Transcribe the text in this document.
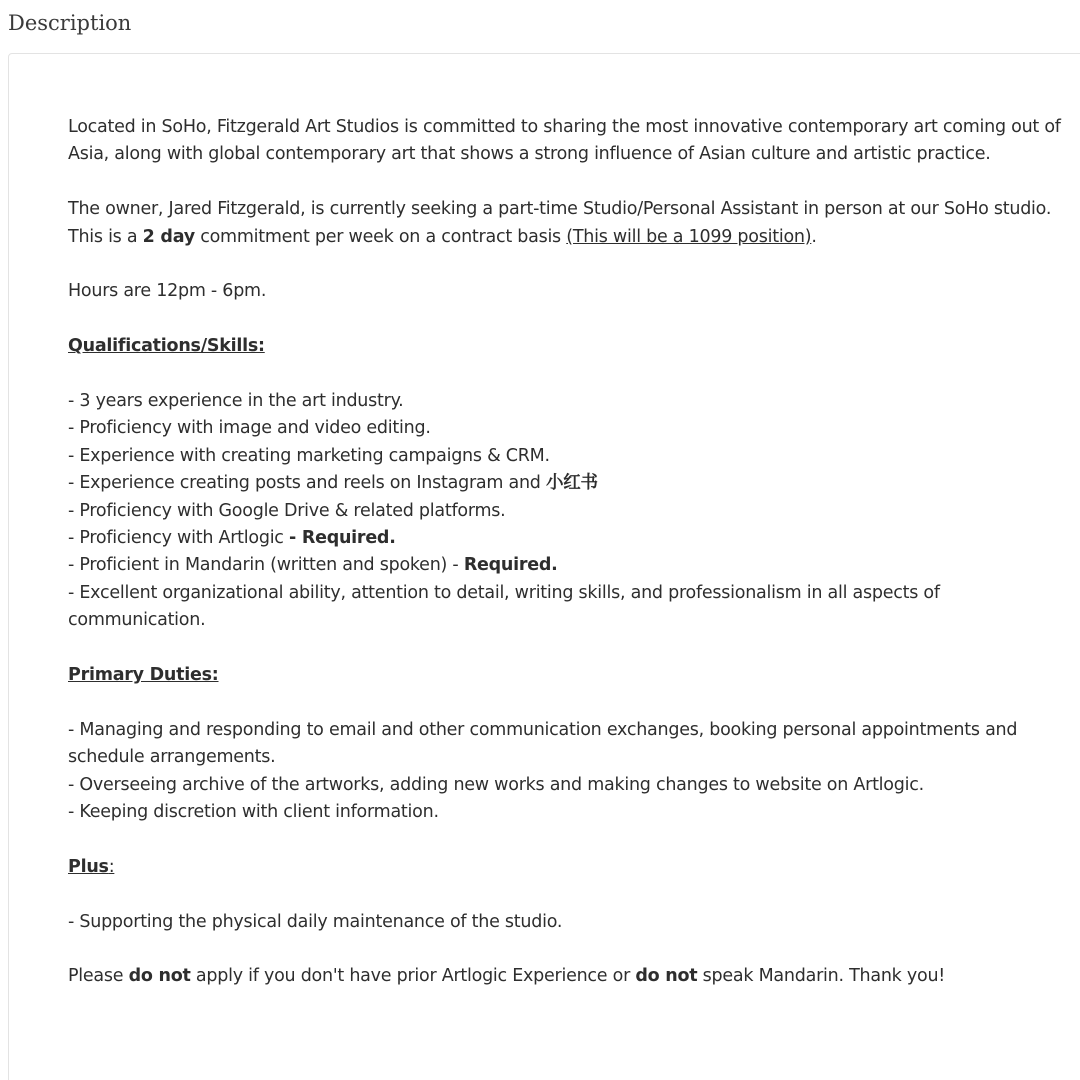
Description

Located in SoHo, Fitzgerald Art Studios is committed to sharing the most innovative contemporary art coming out of Asia, along with global contemporary art that shows a strong influence of Asian culture and artistic practice.

The owner, Jared Fitzgerald, is currently seeking a part-time Studio/Personal Assistant in person at our SoHo studio. This is a 2 day commitment per week on a contract basis (This will be a 1099 position).

Hours are 12pm - 6pm.

Qualifications/Skills:

- 3 years experience in the art industry.
- Proficiency with image and video editing.
- Experience with creating marketing campaigns & CRM.
- Experience creating posts and reels on Instagram and 小红书
- Proficiency with Google Drive & related platforms.
- Proficiency with Artlogic - Required.
- Proficient in Mandarin (written and spoken) - Required.
- Excellent organizational ability, attention to detail, writing skills, and professionalism in all aspects of communication.

Primary Duties:

- Managing and responding to email and other communication exchanges, booking personal appointments and schedule arrangements.
- Overseeing archive of the artworks, adding new works and making changes to website on Artlogic.
- Keeping discretion with client information.

Plus:

- Supporting the physical daily maintenance of the studio.

Please do not apply if you don't have prior Artlogic Experience or do not speak Mandarin. Thank you!
